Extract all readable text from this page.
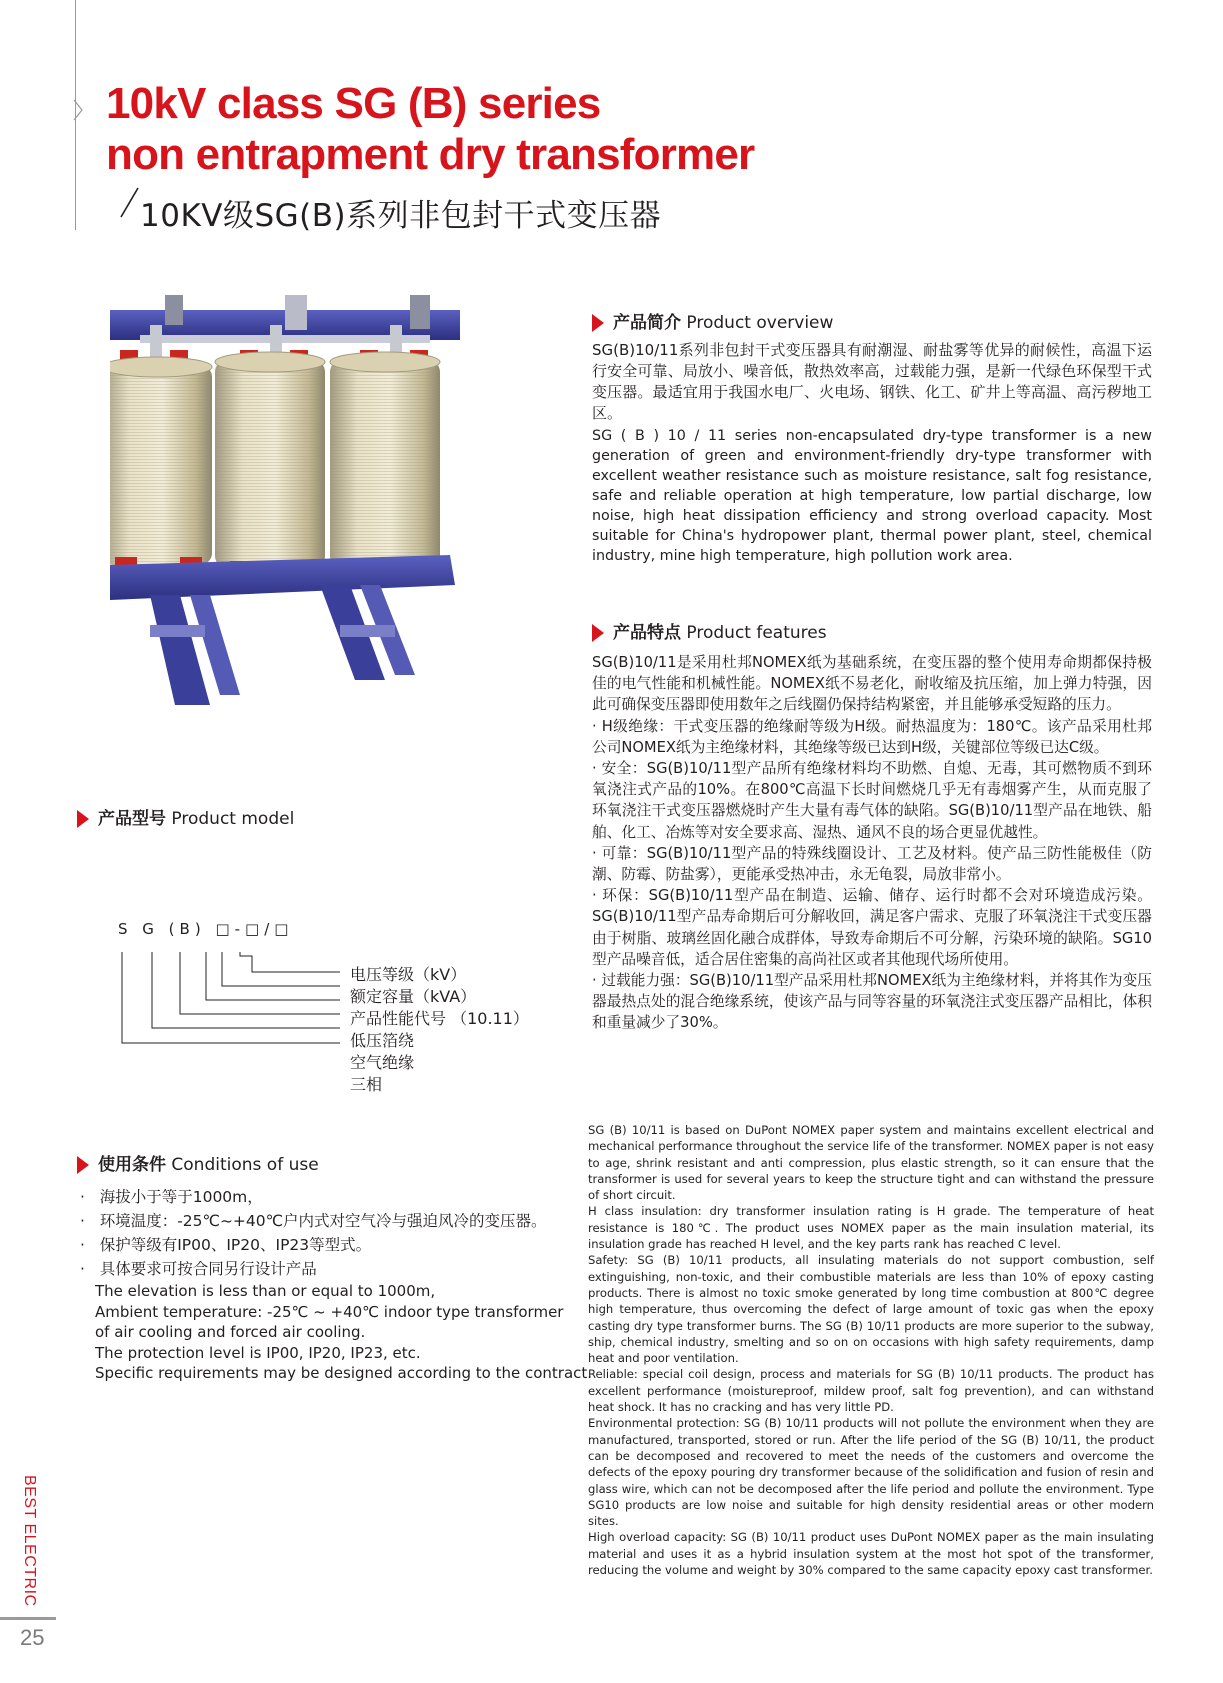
10kV class SG (B) series
non entrapment dry transformer
10KV级SG(B)系列非包封干式变压器
产品型号 Product model
S G (B) □-□/□
电压等级（kV）
额定容量（kVA）
产品性能代号 （10.11）
低压箔绕
空气绝缘
三相
使用条件 Conditions of use
·   海拔小于等于1000m，
·   环境温度：-25℃~+40℃户内式对空气冷与强迫风冷的变压器。
·   保护等级有IP00、IP20、IP23等型式。
·   具体要求可按合同另行设计产品
The elevation is less than or equal to 1000m,
Ambient temperature: -25℃ ~ +40℃ indoor type transformer
of air cooling and forced air cooling.
The protection level is IP00, IP20, IP23, etc.
Specific requirements may be designed according to the contract.
产品简介 Product overview

SG(B)10/11系列非包封干式变压器具有耐潮湿、耐盐雾等优异的耐候性，高温下运行安全可靠、局放小、噪音低，散热效率高，过载能力强，是新一代绿色环保型干式变压器。最适宜用于我国水电厂、火电场、钢铁、化工、矿井上等高温、高污秽地工区。

SG ( B ) 10 / 11 series non-encapsulated dry-type transformer is a new generation of green and environment-friendly dry-type transformer with excellent weather resistance such as moisture resistance, salt fog resistance, safe and reliable operation at high temperature, low partial discharge, low noise, high heat dissipation efficiency and strong overload capacity. Most suitable for China's hydropower plant, thermal power plant, steel, chemical industry, mine high temperature, high pollution work area.

产品特点 Product features

SG(B)10/11是采用杜邦NOMEX纸为基础系统，在变压器的整个使用寿命期都保持极佳的电气性能和机械性能。NOMEX纸不易老化，耐收缩及抗压缩，加上弹力特强，因此可确保变压器即使用数年之后线圈仍保持结构紧密，并且能够承受短路的压力。

· H级绝缘：干式变压器的绝缘耐等级为H级。耐热温度为：180℃。该产品采用杜邦公司NOMEX纸为主绝缘材料，其绝缘等级已达到H级，关键部位等级已达C级。

· 安全：SG(B)10/11型产品所有绝缘材料均不助燃、自熄、无毒，其可燃物质不到环氧浇注式产品的10%。在800℃高温下长时间燃烧几乎无有毒烟雾产生，从而克服了环氧浇注干式变压器燃烧时产生大量有毒气体的缺陷。SG(B)10/11型产品在地铁、船舶、化工、冶炼等对安全要求高、湿热、通风不良的场合更显优越性。

· 可靠：SG(B)10/11型产品的特殊线圈设计、工艺及材料。使产品三防性能极佳（防潮、防霉、防盐雾），更能承受热冲击，永无龟裂，局放非常小。

· 环保：SG(B)10/11型产品在制造、运输、储存、运行时都不会对环境造成污染。SG(B)10/11型产品寿命期后可分解收回，满足客户需求、克服了环氧浇注干式变压器由于树脂、玻璃丝固化融合成群体，导致寿命期后不可分解，污染环境的缺陷。SG10型产品噪音低，适合居住密集的高尚社区或者其他现代场所使用。

· 过载能力强：SG(B)10/11型产品采用杜邦NOMEX纸为主绝缘材料，并将其作为变压器最热点处的混合绝缘系统，使该产品与同等容量的环氧浇注式变压器产品相比，体积和重量减少了30%。

SG (B) 10/11 is based on DuPont NOMEX paper system and maintains excellent electrical and mechanical performance throughout the service life of the transformer. NOMEX paper is not easy to age, shrink resistant and anti compression, plus elastic strength, so it can ensure that the transformer is used for several years to keep the structure tight and can withstand the pressure of short circuit.

H class insulation: dry transformer insulation rating is H grade. The temperature of heat resistance is 180℃. The product uses NOMEX paper as the main insulation material, its insulation grade has reached H level, and the key parts rank has reached C level.

Safety: SG (B) 10/11 products, all insulating materials do not support combustion, self extinguishing, non-toxic, and their combustible materials are less than 10% of epoxy casting products. There is almost no toxic smoke generated by long time combustion at 800℃ degree high temperature, thus overcoming the defect of large amount of toxic gas when the epoxy casting dry type transformer burns. The SG (B) 10/11 products are more superior to the subway, ship, chemical industry, smelting and so on on occasions with high safety requirements, damp heat and poor ventilation.

Reliable: special coil design, process and materials for SG (B) 10/11 products. The product has excellent performance (moistureproof, mildew proof, salt fog prevention), and can withstand heat shock. It has no cracking and has very little PD.

Environmental protection: SG (B) 10/11 products will not pollute the environment when they are manufactured, transported, stored or run. After the life period of the SG (B) 10/11, the product can be decomposed and recovered to meet the needs of the customers and overcome the defects of the epoxy pouring dry transformer because of the solidification and fusion of resin and glass wire, which can not be decomposed after the life period and pollute the environment. Type SG10 products are low noise and suitable for high density residential areas or other modern sites.

High overload capacity: SG (B) 10/11 product uses DuPont NOMEX paper as the main insulating material and uses it as a hybrid insulation system at the most hot spot of the transformer, reducing the volume and weight by 30% compared to the same capacity epoxy cast transformer.

BEST ELECTRIC
25
